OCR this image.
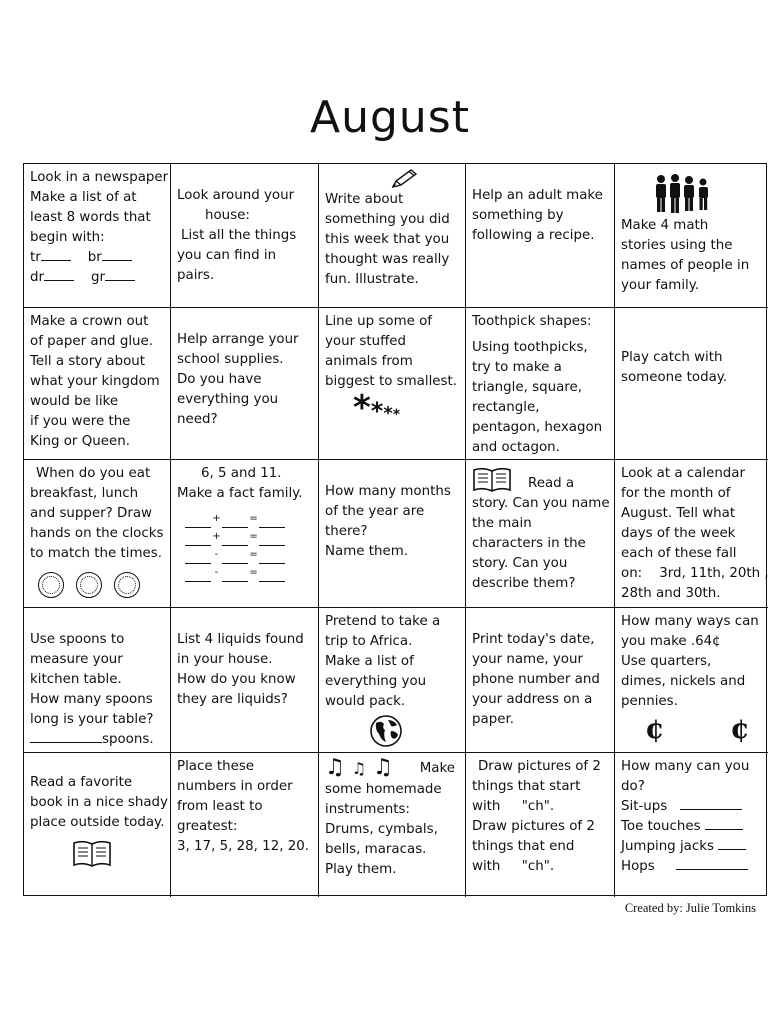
August
Look in a newspaper
Make a list of at
least 8 words that
begin with:
tr	br
dr	gr
Look around your
house:
List all the things
you can find in
pairs.
Write about
something you did
this week that you
thought was really
fun. Illustrate.
Help an adult make
something by
following a recipe.
Make 4 math
stories using the
names of people in
your family.
Make a crown out
of paper and glue.
Tell a story about
what your kingdom
would be like
if you were the
King or Queen.
Help arrange your
school supplies.
Do you have
everything you
need?
Line up some of
your stuffed
animals from
biggest to smallest.
****
Toothpick shapes:
Using toothpicks,
try to make a
triangle, square,
rectangle,
pentagon, hexagon
and octagon.
Play catch with
someone today.
When do you eat
breakfast, lunch
and supper? Draw
hands on the clocks
to match the times.
6, 5 and 11.
Make a fact family.
+	=
+	=
-	=
-	=
How many months
of the year are
there?
Name them.
Read a
story. Can you name
the main
characters in the
story. Can you
describe them?
Look at a calendar
for the month of
August. Tell what
days of the week
each of these fall
on: 3rd, 11th, 20th ,
28th and 30th.
Use spoons to
measure your
kitchen table.
How many spoons
long is your table?
spoons.
List 4 liquids found
in your house.
How do you know
they are liquids?
Pretend to take a
trip to Africa.
Make a list of
everything you
would pack.
Print today's date,
your name, your
phone number and
your address on a
paper.
How many ways can
you make .64¢
Use quarters,
dimes, nickels and
pennies.
¢ ¢
Read a favorite
book in a nice shady
place outside today.
Place these
numbers in order
from least to
greatest:
3, 17, 5, 28, 12, 20.
♫ ♫ ♫ Make
some homemade
instruments:
Drums, cymbals,
bells, maracas.
Play them.
Draw pictures of 2
things that start
with     "ch".
Draw pictures of 2
things that end
with     "ch".
How many can you
do?
Sit-ups
Toe touches
Jumping jacks
Hops
Created by: Julie Tomkins
